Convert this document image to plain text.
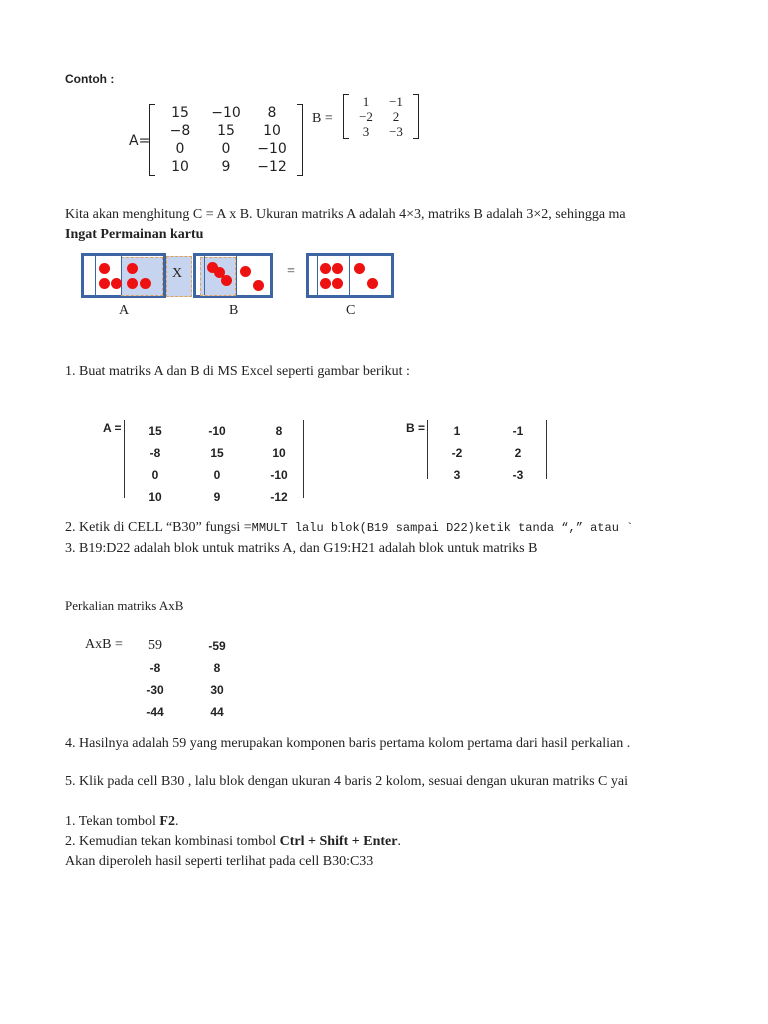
Contoh :
A=
15	−10	8
−8	15	10
0	0	−10
10	9	−12
B =
1	−1
−2	2
3	−3
Kita akan menghitung C = A x B. Ukuran matriks A adalah 4×3, matriks B adalah 3×2, sehingga ma
Ingat Permainan kartu
X	=
A	B	C
1. Buat matriks A dan B di MS Excel seperti gambar berikut :
A = 15	-10	8
-8	15	10
0	0	-10
10	9	-12
B = 1	-1
-2	2
3	-3
2. Ketik di CELL “B30” fungsi =MMULT lalu blok(B19 sampai D22)ketik tanda “,” atau `
3. B19:D22 adalah blok untuk matriks A, dan G19:H21 adalah blok untuk matriks B
Perkalian matriks AxB
AxB = 59	-59
-8	8
-30	30
-44	44
4. Hasilnya adalah 59 yang merupakan komponen baris pertama kolom pertama dari hasil perkalian .
5. Klik pada cell B30 , lalu blok dengan ukuran 4 baris 2 kolom, sesuai dengan ukuran matriks C yai
1. Tekan tombol F2.
2. Kemudian tekan kombinasi tombol Ctrl + Shift + Enter.
Akan diperoleh hasil seperti terlihat pada cell B30:C33
